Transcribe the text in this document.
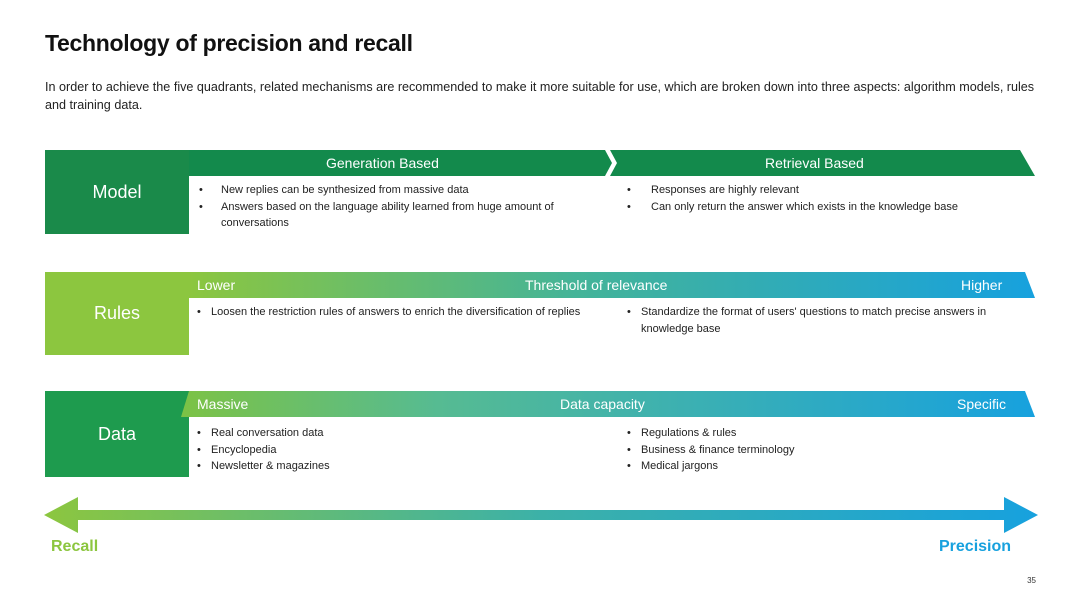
Technology of precision and recall
In order to achieve the five quadrants, related mechanisms are recommended to make it more suitable for use, which are broken down into three aspects: algorithm models, rules and training data.
Model
Generation Based	Retrieval Based
• New replies can be synthesized from massive data
• Answers based on the language ability learned from huge amount of conversations
• Responses are highly relevant
• Can only return the answer which exists in the knowledge base
Rules
Lower	Threshold of relevance	Higher
• Loosen the restriction rules of answers to enrich the diversification of replies
•	Standardize the format of users' questions to match precise answers in knowledge base
Data
Massive	Data capacity	Specific
• Real conversation data
• Encyclopedia
• Newsletter & magazines
• Regulations & rules
• Business & finance terminology
• Medical jargons
Recall	Precision
35
